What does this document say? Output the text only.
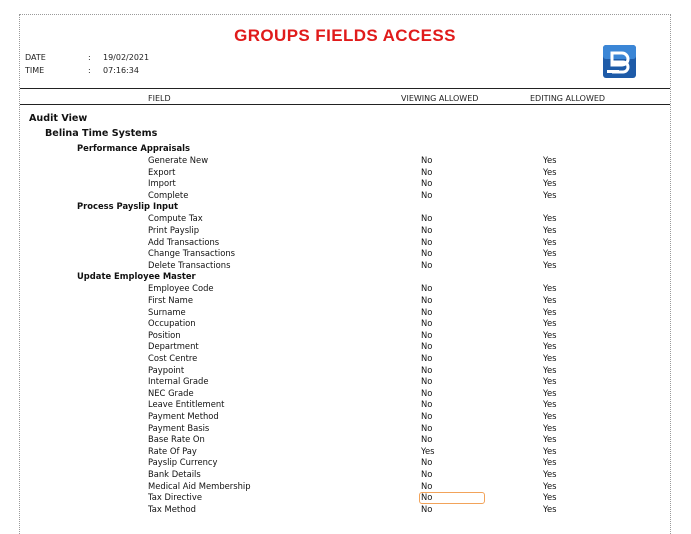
GROUPS FIELDS ACCESS
DATE	: 19/02/2021
TIME	: 07:16:34
FIELD	VIEWING ALLOWED	EDITING ALLOWED
Audit View
Belina Time Systems
Performance Appraisals
Generate New	No	Yes
Export	No	Yes
Import	No	Yes
Complete	No	Yes
Process Payslip Input
Compute Tax	No	Yes
Print Payslip	No	Yes
Add Transactions	No	Yes
Change Transactions	No	Yes
Delete Transactions	No	Yes
Update Employee Master
Employee Code	No	Yes
First Name	No	Yes
Surname	No	Yes
Occupation	No	Yes
Position	No	Yes
Department	No	Yes
Cost Centre	No	Yes
Paypoint	No	Yes
Internal Grade	No	Yes
NEC Grade	No	Yes
Leave Entitlement	No	Yes
Payment Method	No	Yes
Payment Basis	No	Yes
Base Rate On	No	Yes
Rate Of Pay	Yes	Yes
Payslip Currency	No	Yes
Bank Details	No	Yes
Medical Aid Membership	No	Yes
Tax Directive	No	Yes
Tax Method	No	Yes
